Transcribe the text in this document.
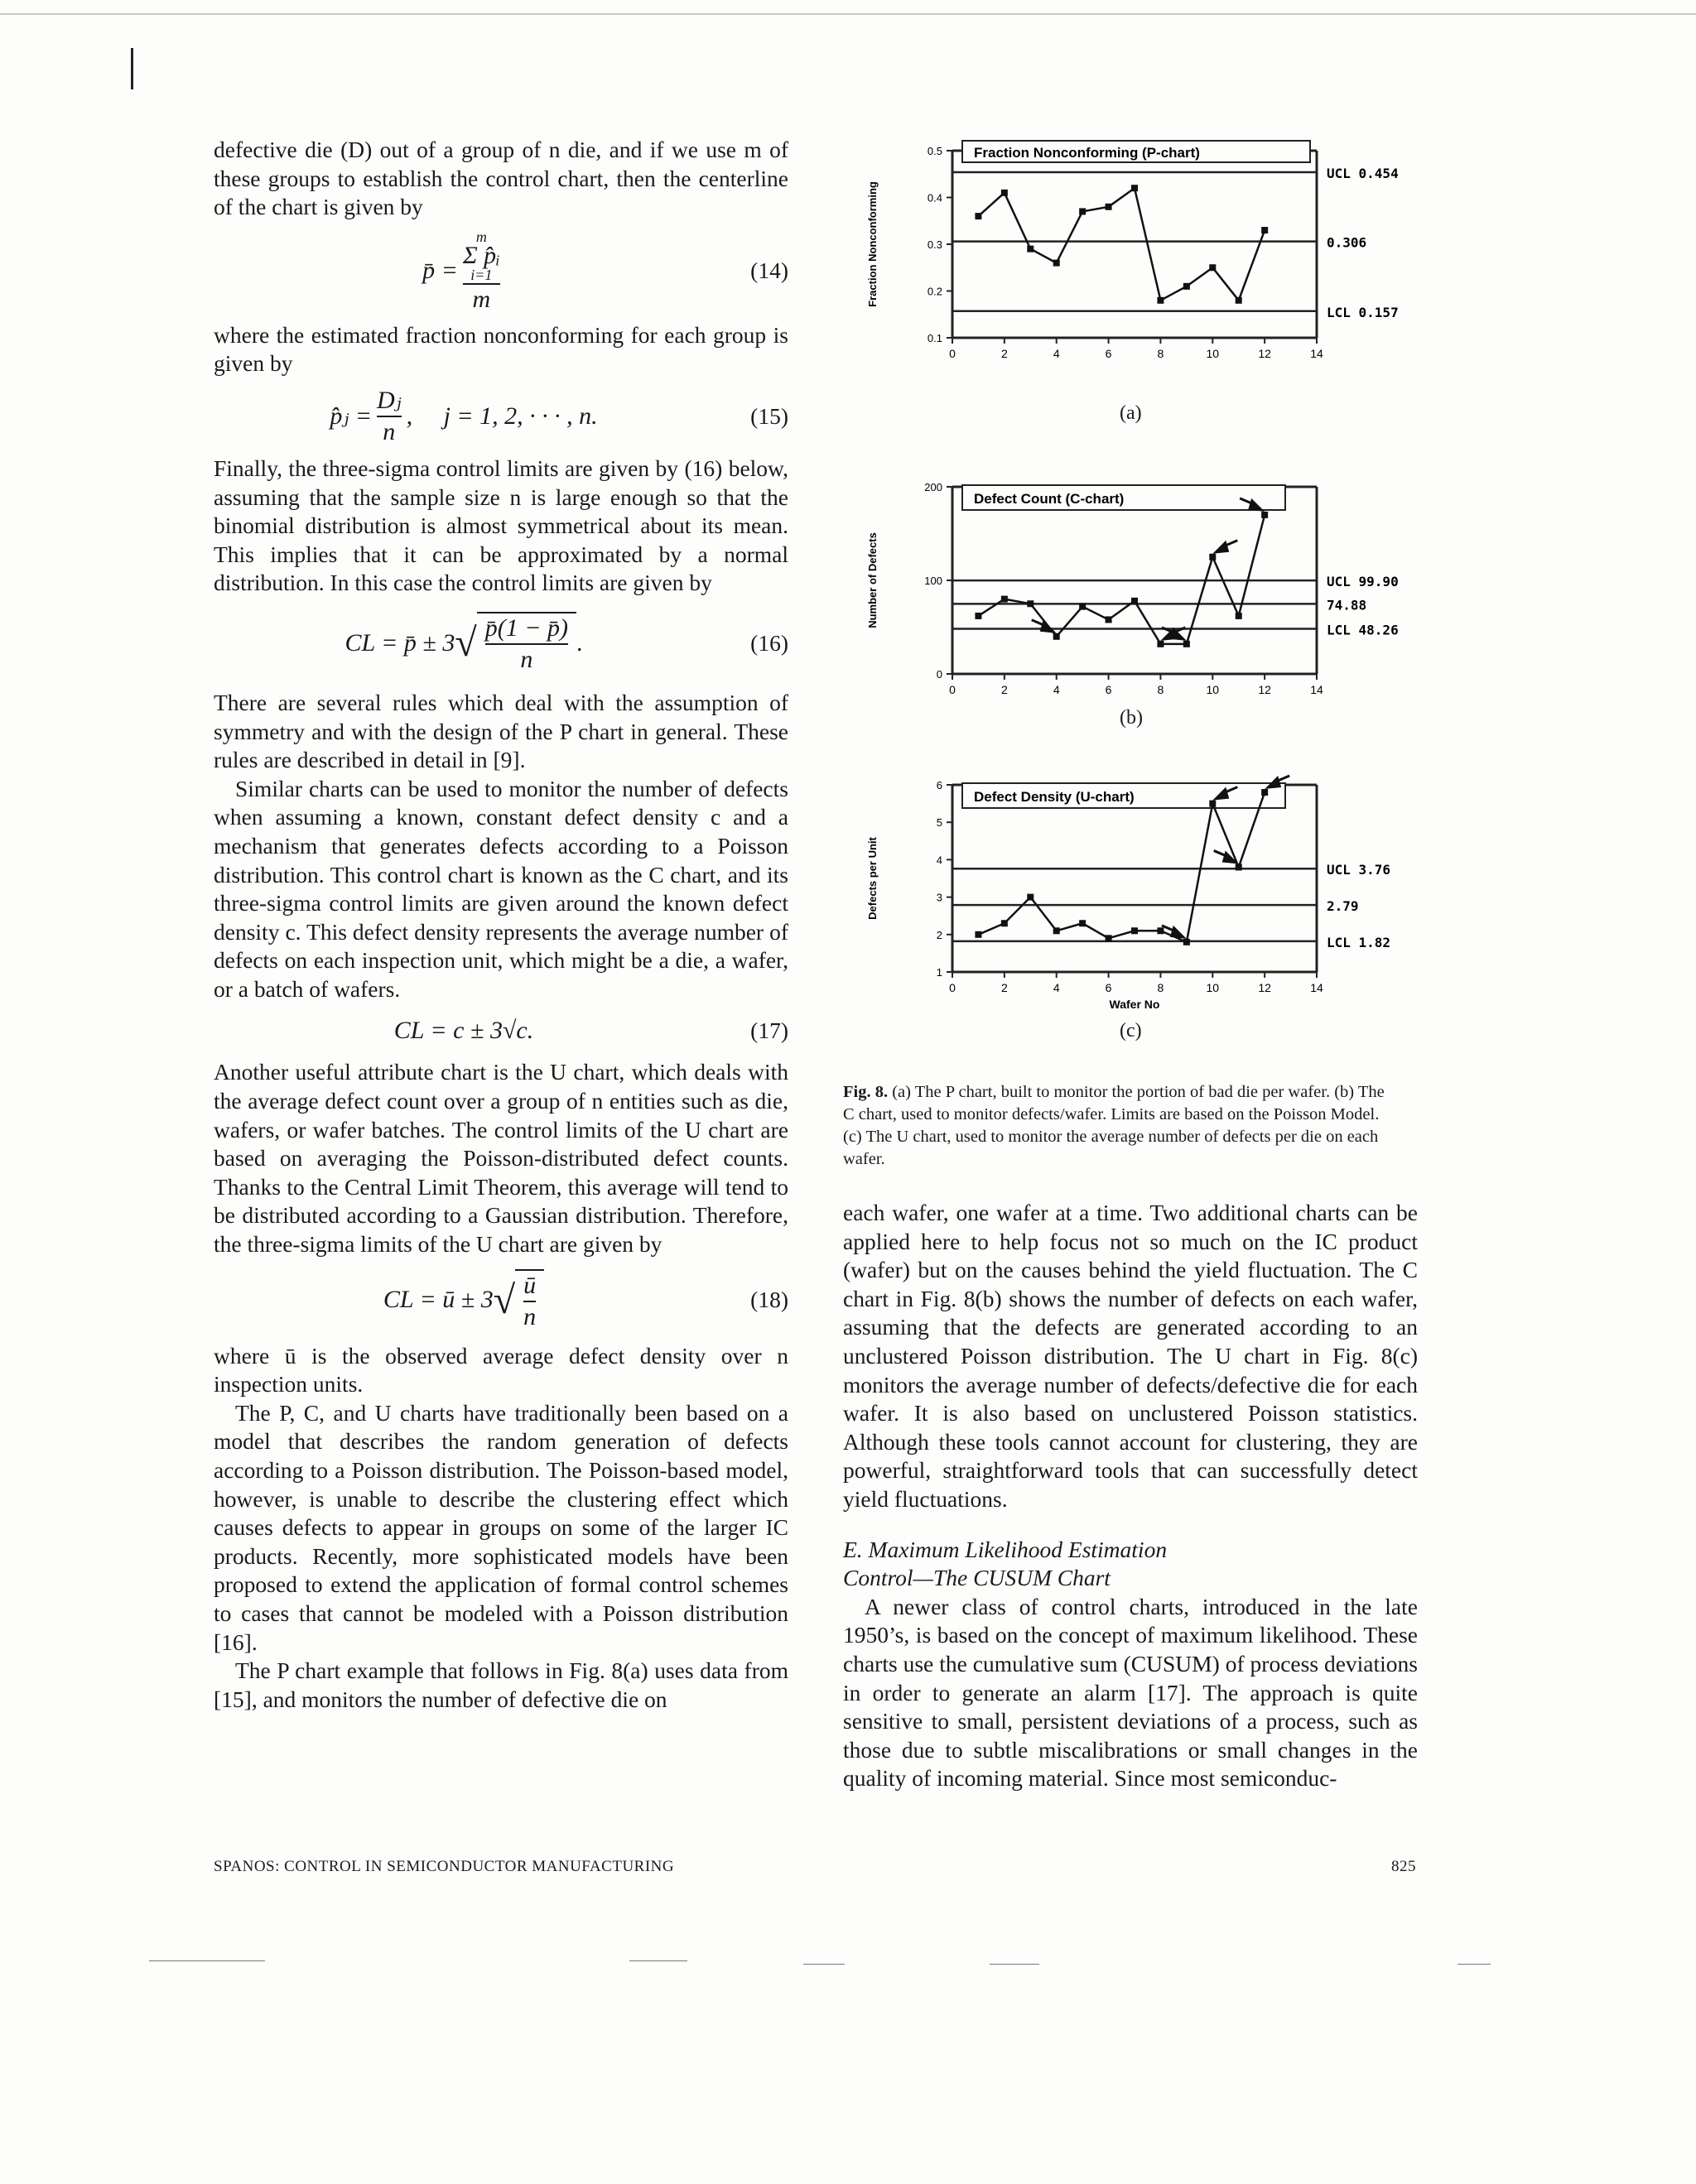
defective die (D) out of a group of n die, and if we use m of these groups to establish the control chart, then the centerline of the chart is given by

p̄ =
m
Σ p̂ᵢ
i=1
m
(14)

where the estimated fraction nonconforming for each group is given by

p̂ⱼ = $\frac{\text{Dⱼ}}{n}$ ,     j = 1, 2, · · · , n.	(15)

Finally, the three-sigma control limits are given by (16) below, assuming that the sample size n is large enough so that the binomial distribution is almost symmetrical about its mean. This implies that it can be approximated by a normal distribution. In this case the control limits are given by

CL = p̄ ± 3 √ $\frac{p̄(1 - p̄)}{n}$ .	(16)

There are several rules which deal with the assumption of symmetry and with the design of the P chart in general. These rules are described in detail in [9].

Similar charts can be used to monitor the number of defects when assuming a known, constant defect density c and a mechanism that generates defects according to a Poisson distribution. This control chart is known as the C chart, and its three-sigma control limits are given around the known defect density c. This defect density represents the average number of defects on each inspection unit, which might be a die, a wafer, or a batch of wafers.

CL = c ± 3√c.	(17)

Another useful attribute chart is the U chart, which deals with the average defect count over a group of n entities such as die, wafers, or wafer batches. The control limits of the U chart are based on averaging the Poisson-distributed defect counts. Thanks to the Central Limit Theorem, this average will tend to be distributed according to a Gaussian distribution. Therefore, the three-sigma limits of the U chart are given by

CL = ū ± 3 √ $\frac{ū}{n}$	(18)

where ū is the observed average defect density over n inspection units.

The P, C, and U charts have traditionally been based on a model that describes the random generation of defects according to a Poisson distribution. The Poisson-based model, however, is unable to describe the clustering effect which causes defects to appear in groups on some of the larger IC products. Recently, more sophisticated models have been proposed to extend the application of formal control schemes to cases that cannot be modeled with a Poisson distribution [16].

The P chart example that follows in Fig. 8(a) uses data from [15], and monitors the number of defective die on

0	2	4	6	8	10	12	14
0.1
0.2
0.3
0.4
0.5
Fraction Nonconforming
UCL 0.454
0.306
LCL 0.157
Fraction Nonconforming (P-chart)
(a)
0	2	4	6	8	10	12	14
0
100
200
Number of Defects	UCL 99.90
74.88
LCL 48.26
Defect Count (C-chart)
(b)
0	2	4	6	8	10	12	14
1
2
3
4
5
6
Defects per Unit
Wafer No
UCL 3.76
2.79
LCL 1.82
Defect Density (U-chart)
(c)
Fig. 8. (a) The P chart, built to monitor the portion of bad die per wafer. (b) The C chart, used to monitor defects/wafer. Limits are based on the Poisson Model. (c) The U chart, used to monitor the average number of defects per die on each wafer.

each wafer, one wafer at a time. Two additional charts can be applied here to help focus not so much on the IC product (wafer) but on the causes behind the yield fluctuation. The C chart in Fig. 8(b) shows the number of defects on each wafer, assuming that the defects are generated according to an unclustered Poisson distribution. The U chart in Fig. 8(c) monitors the average number of defects/defective die for each wafer. It is also based on unclustered Poisson statistics. Although these tools cannot account for clustering, they are powerful, straightforward tools that can successfully detect yield fluctuations.

E. Maximum Likelihood Estimation

Control—The CUSUM Chart

A newer class of control charts, introduced in the late 1950’s, is based on the concept of maximum likelihood. These charts use the cumulative sum (CUSUM) of process deviations in order to generate an alarm [17]. The approach is quite sensitive to small, persistent deviations of a process, such as those due to subtle miscalibrations or small changes in the quality of incoming material. Since most semiconduc-

SPANOS: CONTROL IN SEMICONDUCTOR MANUFACTURING	825
